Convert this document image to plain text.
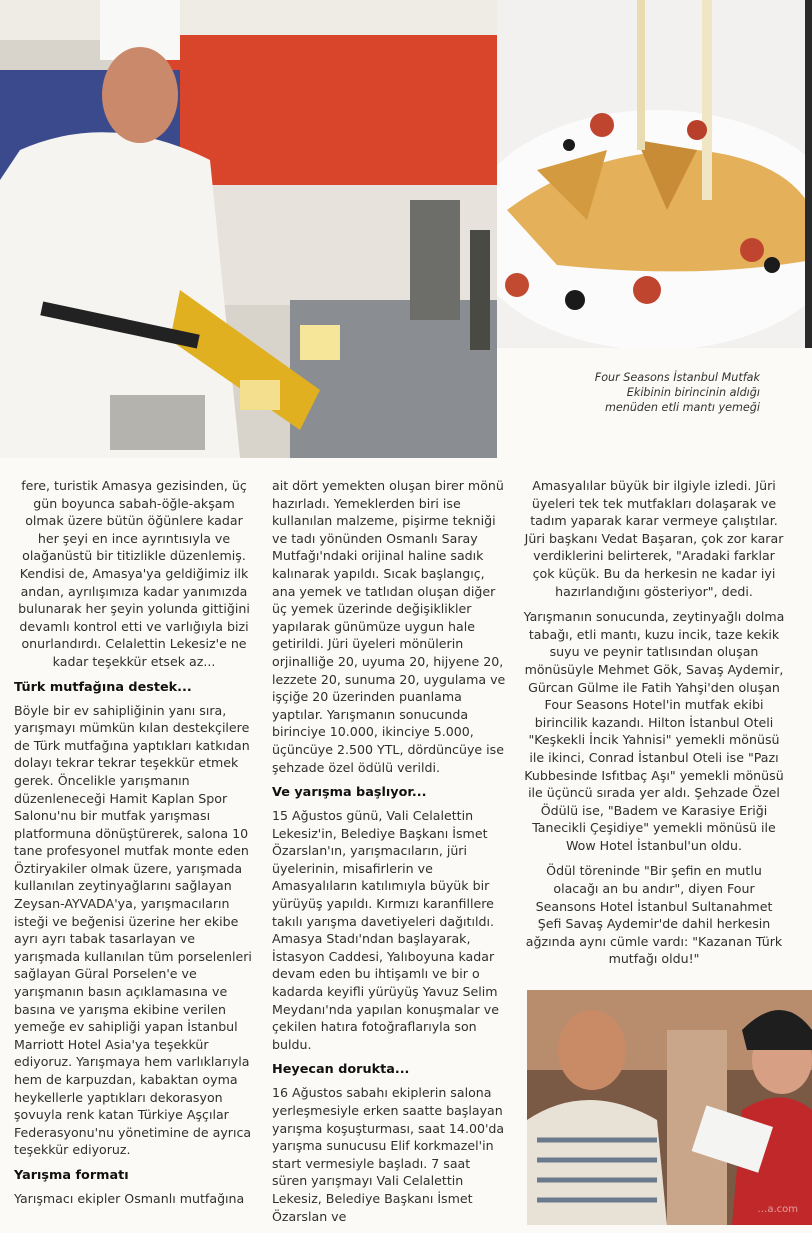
Four Seasons İstanbul Mutfak
Ekibinin birincinin aldığı
menüden etli mantı yemeği

fere, turistik Amasya gezisinden, üç gün boyunca sabah-öğle-akşam olmak üzere bütün öğünlere kadar her şeyi en ince ayrıntısıyla ve olağanüstü bir titizlikle düzenlemiş. Kendisi de, Amasya'ya geldiğimiz ilk andan, ayrılışımıza kadar yanımızda bulunarak her şeyin yolunda gittiğini devamlı kontrol etti ve varlığıyla bizi onurlandırdı. Celalettin Lekesiz'e ne kadar teşekkür etsek az...

Türk mutfağına destek...

Böyle bir ev sahipliğinin yanı sıra, yarışmayı mümkün kılan destekçilere de Türk mutfağına yaptıkları katkıdan dolayı tekrar tekrar teşekkür etmek gerek. Öncelikle yarışmanın düzenleneceği Hamit Kaplan Spor Salonu'nu bir mutfak yarışması platformuna dönüştürerek, salona 10 tane profesyonel mutfak monte eden Öztiryakiler olmak üzere, yarışmada kullanılan zeytinyağlarını sağlayan Zeysan-AYVADA'ya, yarışmacıların isteği ve beğenisi üzerine her ekibe ayrı ayrı tabak tasarlayan ve yarışmada kullanılan tüm porselenleri sağlayan Güral Porselen'e ve yarışmanın basın açıklamasına ve basına ve yarışma ekibine verilen yemeğe ev sahipliği yapan İstanbul Marriott Hotel Asia'ya teşekkür ediyoruz. Yarışmaya hem varlıklarıyla hem de karpuzdan, kabaktan oyma heykellerle yaptıkları dekorasyon şovuyla renk katan Türkiye Aşçılar Federasyonu'nu yönetimine de ayrıca teşekkür ediyoruz.

Yarışma formatı

Yarışmacı ekipler Osmanlı mutfağına

ait dört yemekten oluşan birer mönü hazırladı. Yemeklerden biri ise kullanılan malzeme, pişirme tekniği ve tadı yönünden Osmanlı Saray Mutfağı'ndaki orijinal haline sadık kalınarak yapıldı. Sıcak başlangıç, ana yemek ve tatlıdan oluşan diğer üç yemek üzerinde değişiklikler yapılarak günümüze uygun hale getirildi. Jüri üyeleri mönülerin orjinalliğe 20, uyuma 20, hijyene 20, lezzete 20, sunuma 20, uygulama ve işçiğe 20 üzerinden puanlama yaptılar. Yarışmanın sonucunda birinciye 10.000, ikinciye 5.000, üçüncüye 2.500 YTL, dördüncüye ise şehzade özel ödülü verildi.

Ve yarışma başlıyor...

15 Ağustos günü, Vali Celalettin Lekesiz'in, Belediye Başkanı İsmet Özarslan'ın, yarışmacıların, jüri üyelerinin, misafirlerin ve Amasyalıların katılımıyla büyük bir yürüyüş yapıldı. Kırmızı karanfillere takılı yarışma davetiyeleri dağıtıldı. Amasya Stadı'ndan başlayarak, İstasyon Caddesi, Yalıboyuna kadar devam eden bu ihtişamlı ve bir o kadarda keyifli yürüyüş Yavuz Selim Meydanı'nda yapılan konuşmalar ve çekilen hatıra fotoğraflarıyla son buldu.

Heyecan dorukta...

16 Ağustos sabahı ekiplerin salona yerleşmesiyle erken saatte başlayan yarışma koşuşturması, saat 14.00'da yarışma sunucusu Elif korkmazel'in start vermesiyle başladı. 7 saat süren yarışmayı Vali Celalettin Lekesiz, Belediye Başkanı İsmet Özarslan ve

Amasyalılar büyük bir ilgiyle izledi. Jüri üyeleri tek tek mutfakları dolaşarak ve tadım yaparak karar vermeye çalıştılar. Jüri başkanı Vedat Başaran, çok zor karar verdiklerini belirterek, "Aradaki farklar çok küçük. Bu da herkesin ne kadar iyi hazırlandığını gösteriyor", dedi.

Yarışmanın sonucunda, zeytinyağlı dolma tabağı, etli mantı, kuzu incik, taze kekik suyu ve peynir tatlısından oluşan mönüsüyle Mehmet Gök, Savaş Aydemir, Gürcan Gülme ile Fatih Yahşi'den oluşan Four Seasons Hotel'in mutfak ekibi birincilik kazandı. Hilton İstanbul Oteli "Keşkekli İncik Yahnisi" yemekli mönüsü ile ikinci, Conrad İstanbul Oteli ise "Pazı Kubbesinde Isfıtbaç Aşı" yemekli mönüsü ile üçüncü sırada yer aldı. Şehzade Özel Ödülü ise, "Badem ve Karasiye Eriği Tanecikli Çeşidiye" yemekli mönüsü ile Wow Hotel İstanbul'un oldu.

Ödül töreninde "Bir şefin en mutlu olacağı an bu andır", diyen Four Seansons Hotel İstanbul Sultanahmet Şefi Savaş Aydemir'de dahil herkesin ağzında aynı cümle vardı: "Kazanan Türk mutfağı oldu!"

…a.com
